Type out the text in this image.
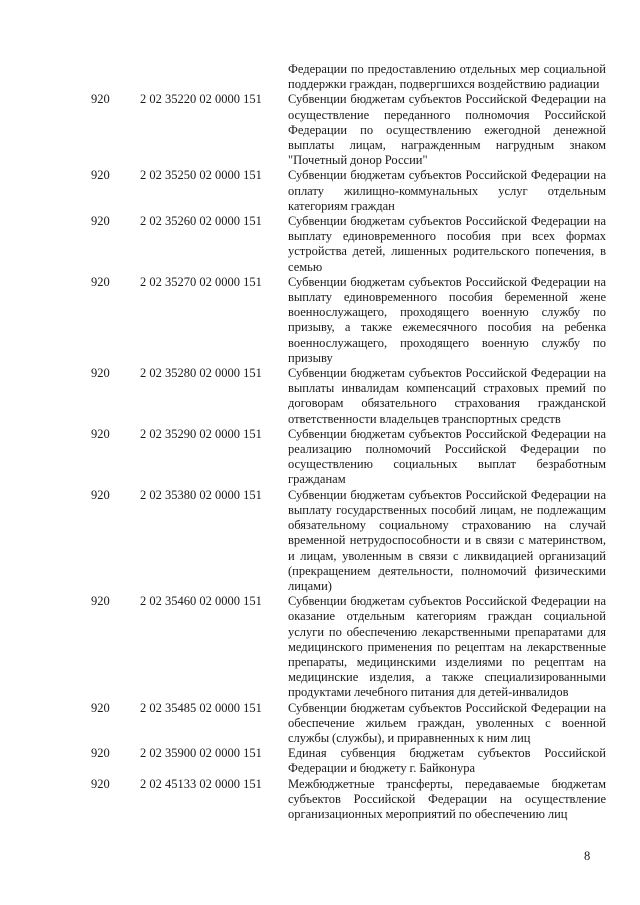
Федерации по предоставлению отдельных мер социальной поддержки граждан, подвергшихся воздействию радиации
920 2 02 35220 02 0000 151 Субвенции бюджетам субъектов Российской Федерации на осуществление переданного полномочия Российской Федерации по осуществлению ежегодной денежной выплаты лицам, награжденным нагрудным знаком "Почетный донор России"
920 2 02 35250 02 0000 151 Субвенции бюджетам субъектов Российской Федерации на оплату жилищно-коммунальных услуг отдельным категориям граждан
920 2 02 35260 02 0000 151 Субвенции бюджетам субъектов Российской Федерации на выплату единовременного пособия при всех формах устройства детей, лишенных родительского попечения, в семью
920 2 02 35270 02 0000 151 Субвенции бюджетам субъектов Российской Федерации на выплату единовременного пособия беременной жене военнослужащего, проходящего военную службу по призыву, а также ежемесячного пособия на ребенка военнослужащего, проходящего военную службу по призыву
920 2 02 35280 02 0000 151 Субвенции бюджетам субъектов Российской Федерации на выплаты инвалидам компенсаций страховых премий по договорам обязательного страхования гражданской ответственности владельцев транспортных средств
920 2 02 35290 02 0000 151 Субвенции бюджетам субъектов Российской Федерации на реализацию полномочий Российской Федерации по осуществлению социальных выплат безработным гражданам
920 2 02 35380 02 0000 151 Субвенции бюджетам субъектов Российской Федерации на выплату государственных пособий лицам, не подлежащим обязательному социальному страхованию на случай временной нетрудоспособности и в связи с материнством, и лицам, уволенным в связи с ликвидацией организаций (прекращением деятельности, полномочий физическими лицами)
920 2 02 35460 02 0000 151 Субвенции бюджетам субъектов Российской Федерации на оказание отдельным категориям граждан социальной услуги по обеспечению лекарственными препаратами для медицинского применения по рецептам на лекарственные препараты, медицинскими изделиями по рецептам на медицинские изделия, а также специализированными продуктами лечебного питания для детей-инвалидов
920 2 02 35485 02 0000 151 Субвенции бюджетам субъектов Российской Федерации на обеспечение жильем граждан, уволенных с военной службы (службы), и приравненных к ним лиц
920 2 02 35900 02 0000 151 Единая субвенция бюджетам субъектов Российской Федерации и бюджету г. Байконура
920 2 02 45133 02 0000 151 Межбюджетные трансферты, передаваемые бюджетам субъектов Российской Федерации на осуществление организационных мероприятий по обеспечению лиц
8
